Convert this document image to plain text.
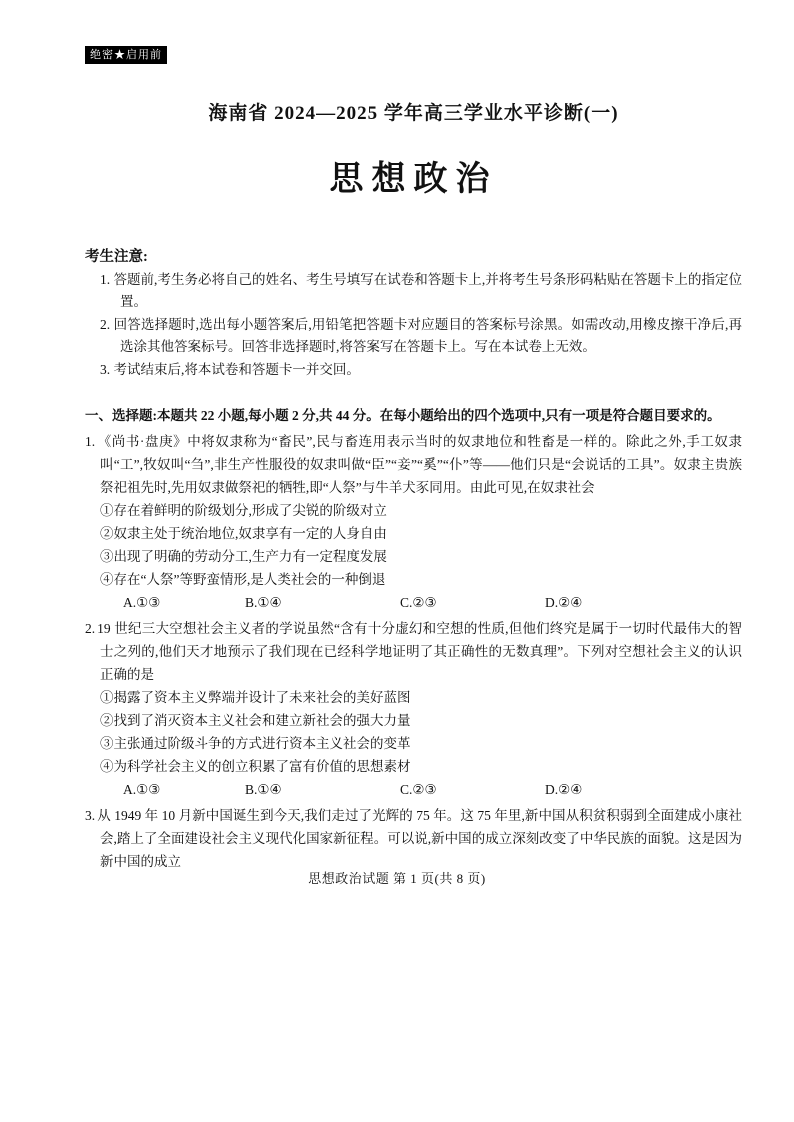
绝密★启用前
海南省 2024—2025 学年高三学业水平诊断(一)
思想政治
考生注意:

1. 答题前,考生务必将自己的姓名、考生号填写在试卷和答题卡上,并将考生号条形码粘贴在答题卡上的指定位置。

2. 回答选择题时,选出每小题答案后,用铅笔把答题卡对应题目的答案标号涂黑。如需改动,用橡皮擦干净后,再选涂其他答案标号。回答非选择题时,将答案写在答题卡上。写在本试卷上无效。

3. 考试结束后,将本试卷和答题卡一并交回。

一、选择题:本题共 22 小题,每小题 2 分,共 44 分。在每小题给出的四个选项中,只有一项是符合题目要求的。

1. 《尚书·盘庚》中将奴隶称为“畜民”,民与畜连用表示当时的奴隶地位和牲畜是一样的。除此之外,手工奴隶叫“工”,牧奴叫“刍”,非生产性服役的奴隶叫做“臣”“妾”“奚”“仆”等——他们只是“会说话的工具”。奴隶主贵族祭祀祖先时,先用奴隶做祭祀的牺牲,即“人祭”与牛羊犬豕同用。由此可见,在奴隶社会

①存在着鲜明的阶级划分,形成了尖锐的阶级对立

②奴隶主处于统治地位,奴隶享有一定的人身自由

③出现了明确的劳动分工,生产力有一定程度发展

④存在“人祭”等野蛮情形,是人类社会的一种倒退

A.①③	B.①④	C.②③	D.②④

2. 19 世纪三大空想社会主义者的学说虽然“含有十分虚幻和空想的性质,但他们终究是属于一切时代最伟大的智士之列的,他们天才地预示了我们现在已经科学地证明了其正确性的无数真理”。下列对空想社会主义的认识正确的是

①揭露了资本主义弊端并设计了未来社会的美好蓝图

②找到了消灭资本主义社会和建立新社会的强大力量

③主张通过阶级斗争的方式进行资本主义社会的变革

④为科学社会主义的创立积累了富有价值的思想素材

A.①③	B.①④	C.②③	D.②④

3. 从 1949 年 10 月新中国诞生到今天,我们走过了光辉的 75 年。这 75 年里,新中国从积贫积弱到全面建成小康社会,踏上了全面建设社会主义现代化国家新征程。可以说,新中国的成立深刻改变了中华民族的面貌。这是因为新中国的成立

思想政治试题 第 1 页(共 8 页)
